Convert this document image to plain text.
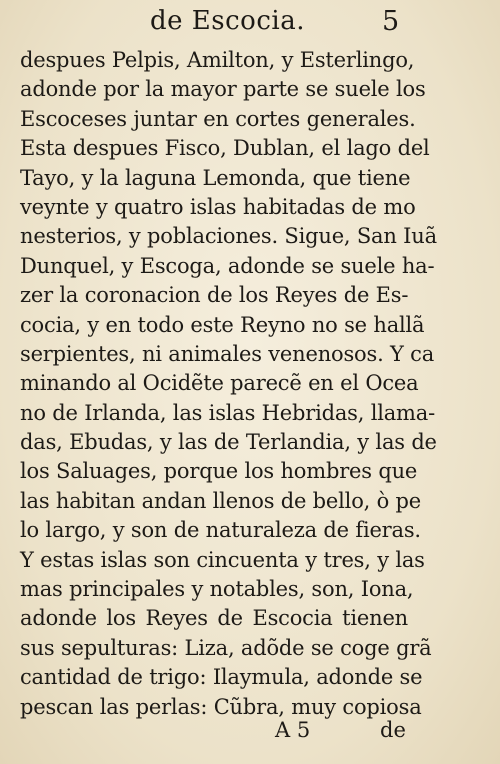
de Escocia.	5
despues Pelpis, Amilton, y Esterlingo,
adonde por la mayor parte se suele los
Escoceses juntar en cortes generales.
Esta despues Fisco, Dublan, el lago del
Tayo, y la laguna Lemonda, que tiene
veynte y quatro islas habitadas de mo
nesterios, y poblaciones. Sigue, San Iuã
Dunquel, y Escoga, adonde se suele ha-
zer la coronacion de los Reyes de Es-
cocia, y en todo este Reyno no se hallã
serpientes, ni animales venenosos. Y ca
minando al Ocidẽte parecẽ en el Ocea
no de Irlanda, las islas Hebridas, llama-
das, Ebudas, y las de Terlandia, y las de
los Saluages, porque los hombres que
las habitan andan llenos de bello, ò pe
lo largo, y son de naturaleza de fieras.
Y estas islas son cincuenta y tres, y las
mas principales y notables, son, Iona,
adonde los Reyes de Escocia tienen
sus sepulturas: Liza, adõde se coge grã
cantidad de trigo: Ilaymula, adonde se
pescan las perlas: Cũbra, muy copiosa
A 5	de
